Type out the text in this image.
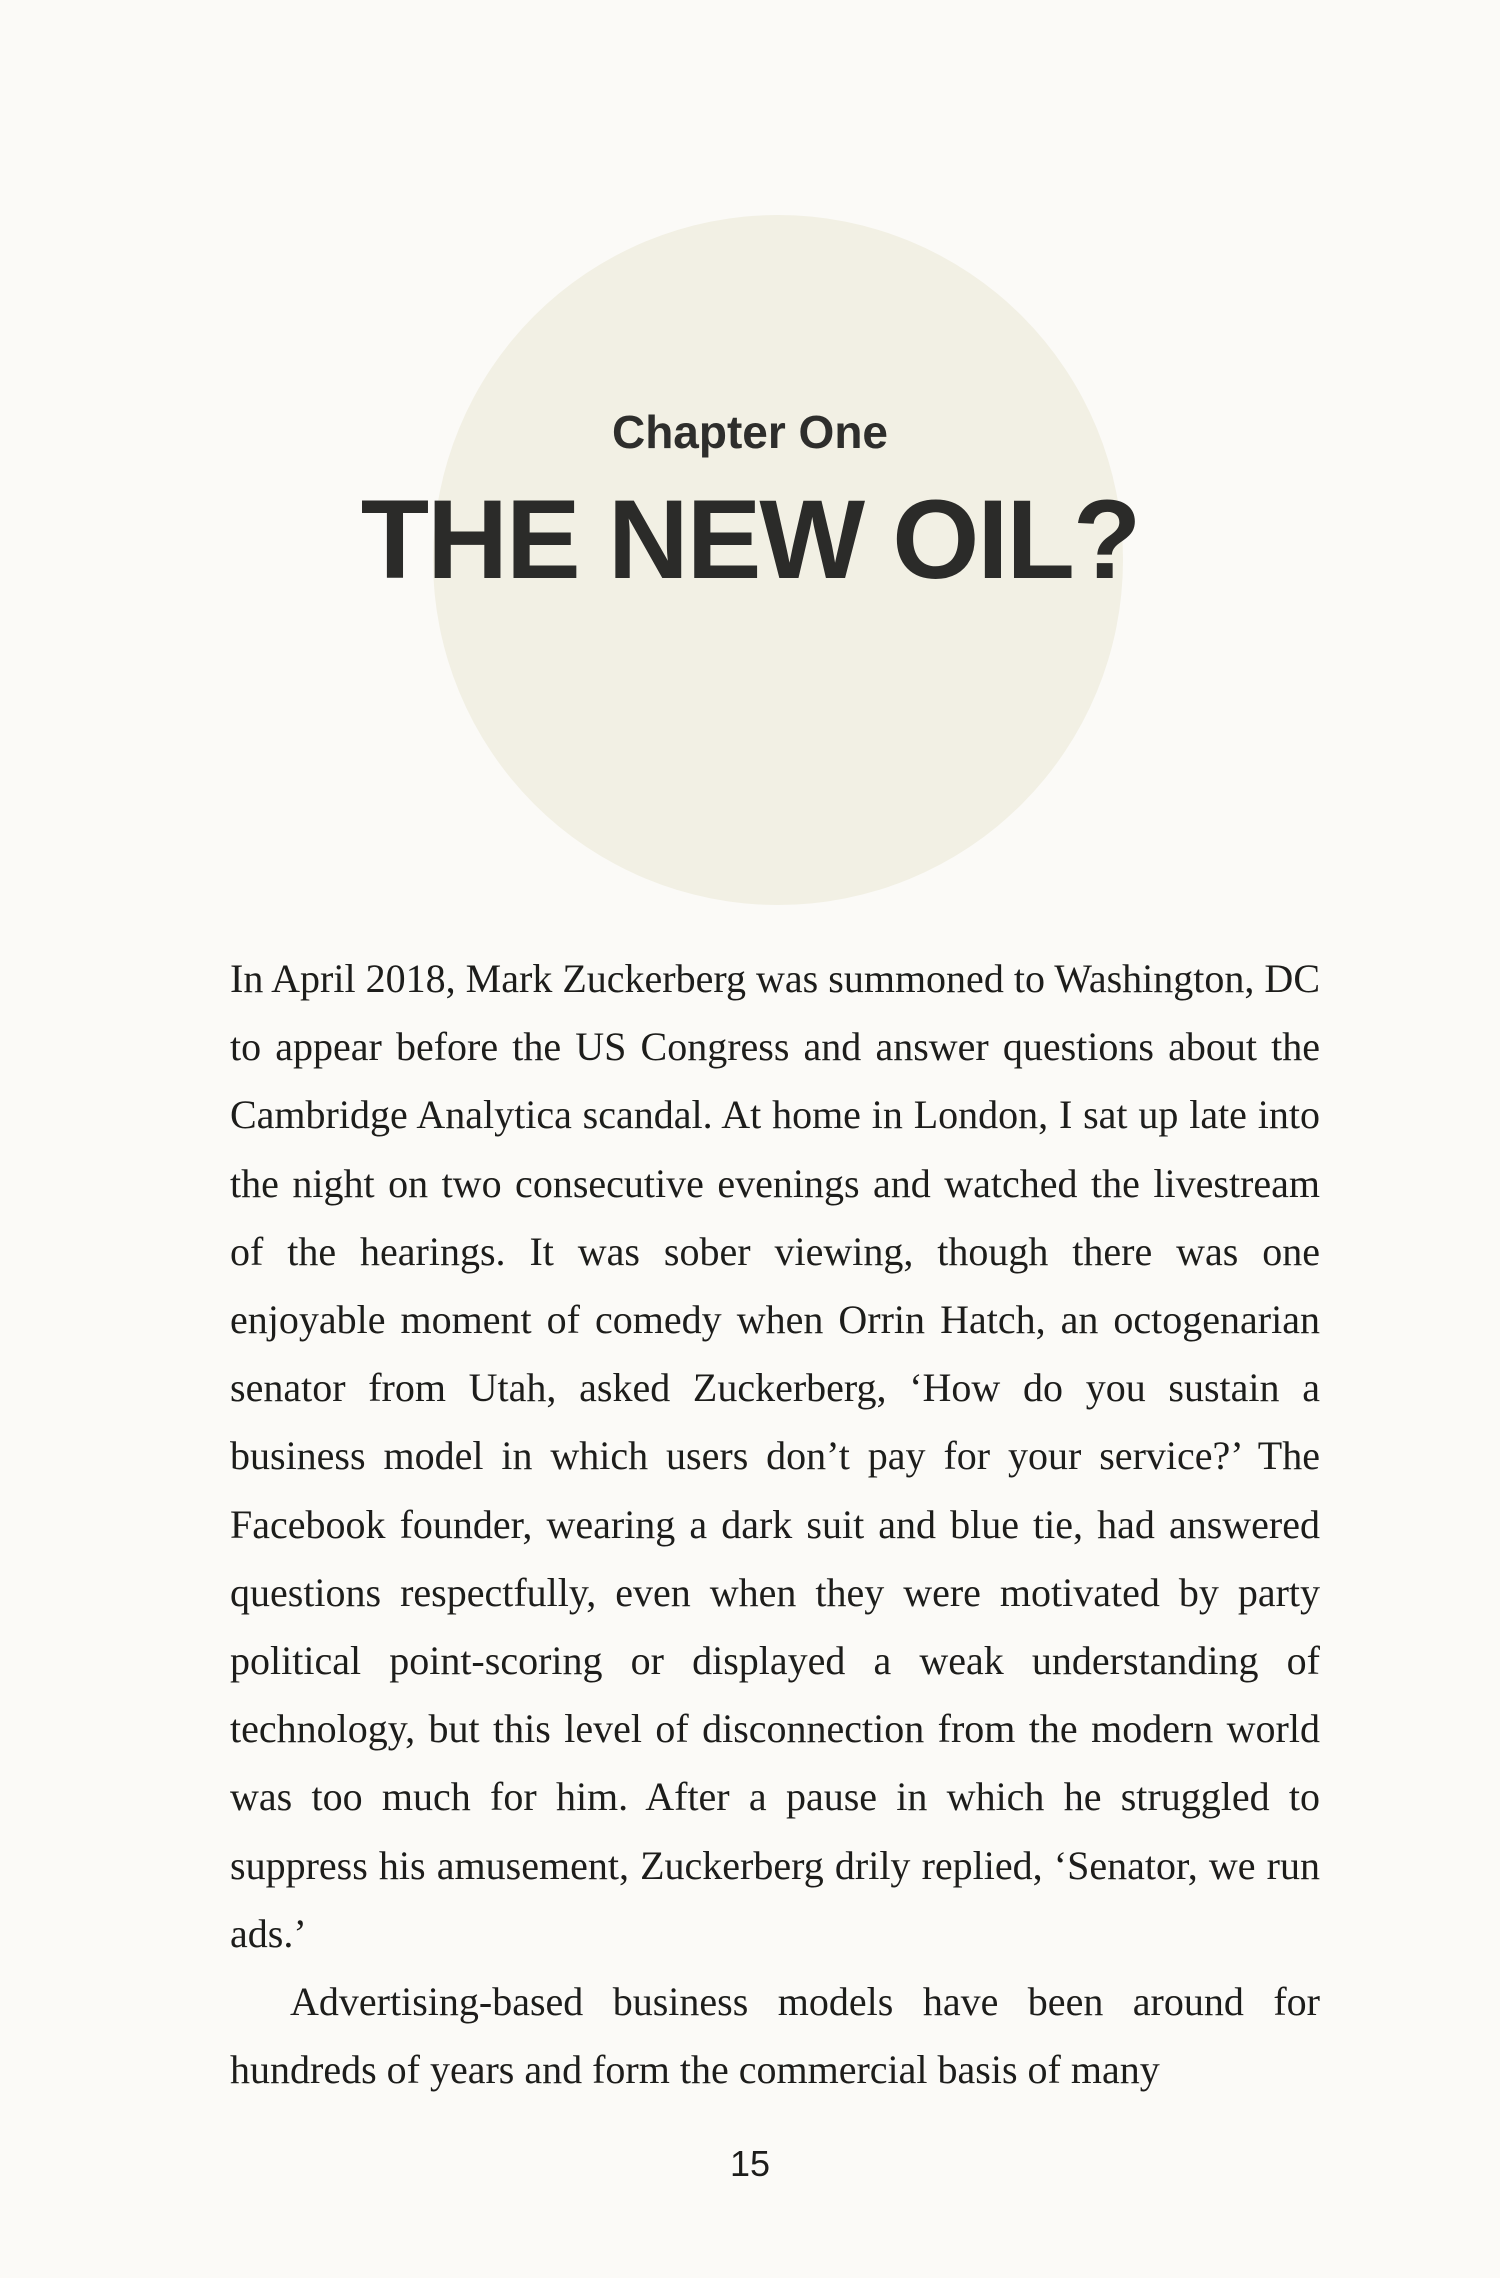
Chapter One
THE NEW OIL?

In April 2018, Mark Zuckerberg was summoned to Washington, DC to appear before the US Congress and answer questions about the Cambridge Analytica scandal. At home in London, I sat up late into the night on two consecutive evenings and watched the livestream of the hearings. It was sober viewing, though there was one enjoyable moment of comedy when Orrin Hatch, an octogenarian senator from Utah, asked Zuckerberg, ‘How do you sustain a business model in which users don’t pay for your service?’ The Facebook founder, wearing a dark suit and blue tie, had answered questions respectfully, even when they were motivated by party political point-scoring or displayed a weak understanding of technology, but this level of disconnection from the modern world was too much for him. After a pause in which he struggled to suppress his amusement, Zuckerberg drily replied, ‘Senator, we run ads.’

Advertising-based business models have been around for hundreds of years and form the commercial basis of many

15
